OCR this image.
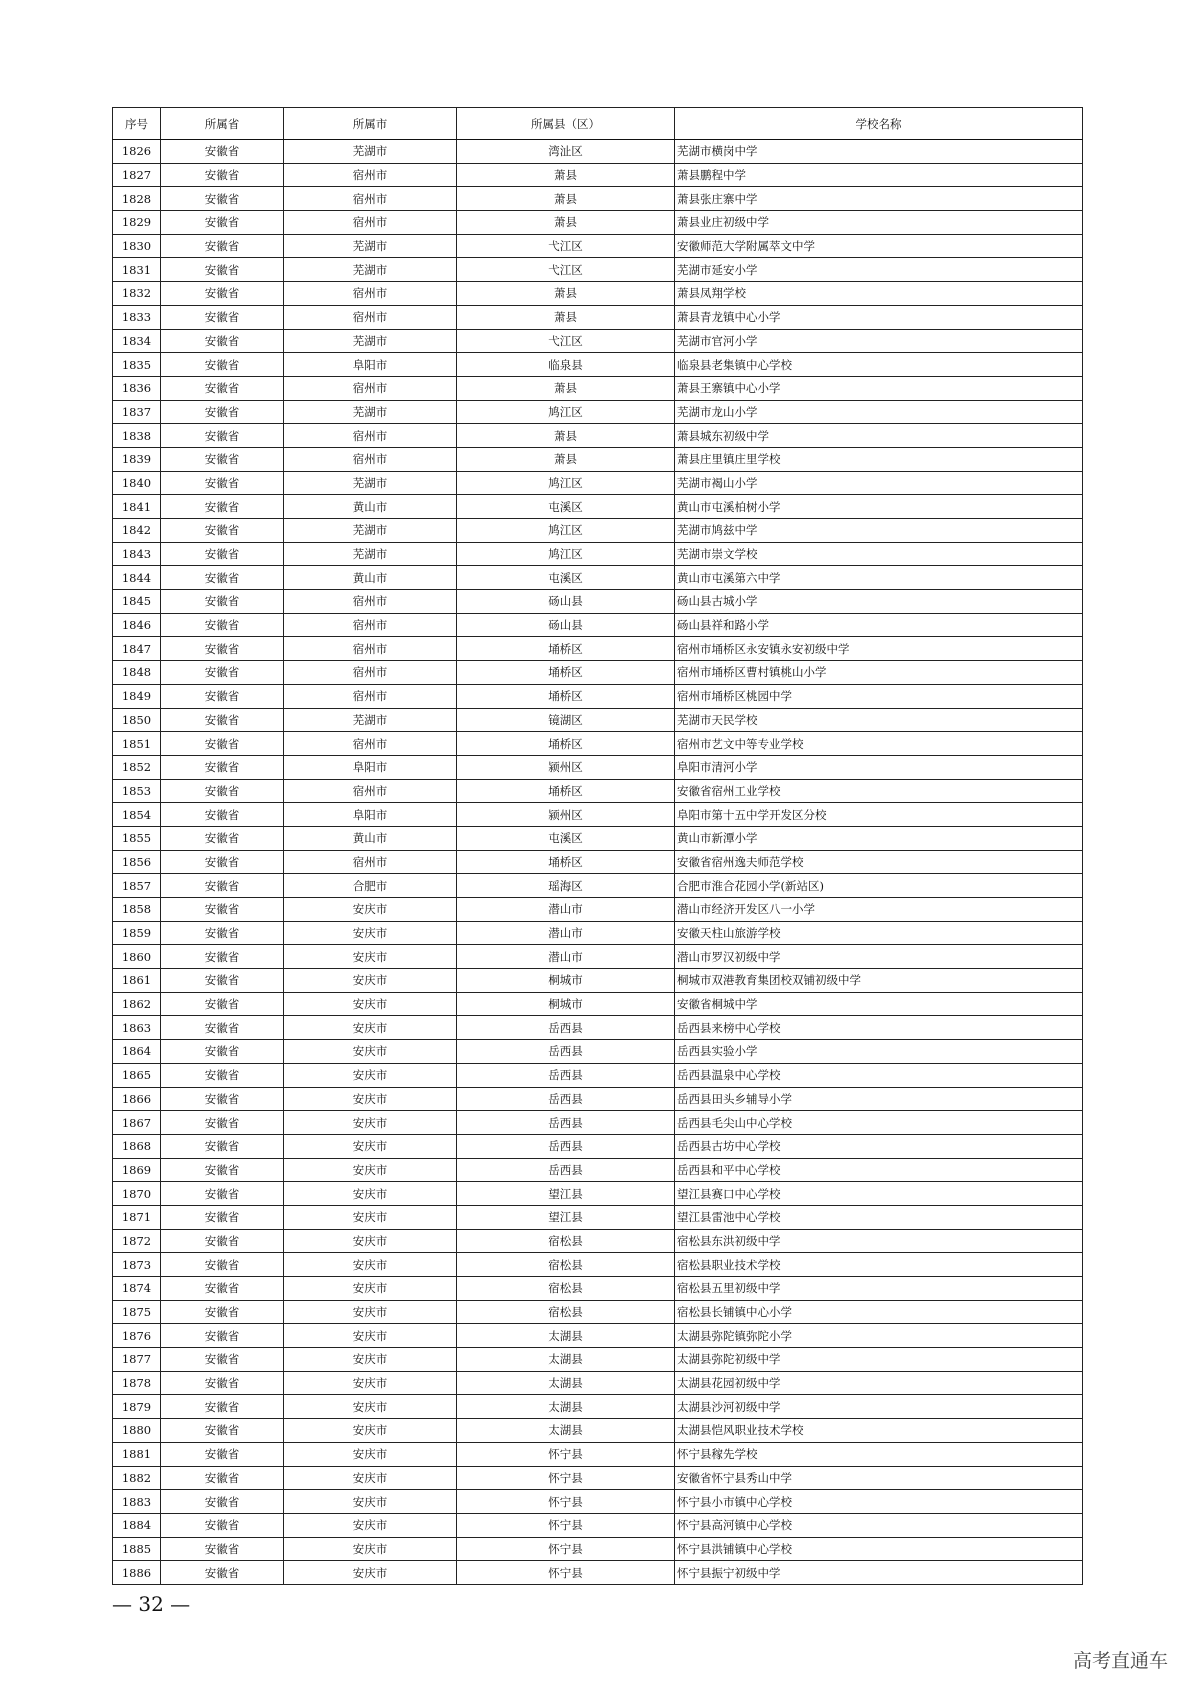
序号	所属省	所属市	所属县（区）	学校名称
1826	安徽省	芜湖市	湾沚区	芜湖市横岗中学
1827	安徽省	宿州市	萧县	萧县鹏程中学
1828	安徽省	宿州市	萧县	萧县张庄寨中学
1829	安徽省	宿州市	萧县	萧县业庄初级中学
1830	安徽省	芜湖市	弋江区	安徽师范大学附属萃文中学
1831	安徽省	芜湖市	弋江区	芜湖市延安小学
1832	安徽省	宿州市	萧县	萧县凤翔学校
1833	安徽省	宿州市	萧县	萧县青龙镇中心小学
1834	安徽省	芜湖市	弋江区	芜湖市官河小学
1835	安徽省	阜阳市	临泉县	临泉县老集镇中心学校
1836	安徽省	宿州市	萧县	萧县王寨镇中心小学
1837	安徽省	芜湖市	鸠江区	芜湖市龙山小学
1838	安徽省	宿州市	萧县	萧县城东初级中学
1839	安徽省	宿州市	萧县	萧县庄里镇庄里学校
1840	安徽省	芜湖市	鸠江区	芜湖市褐山小学
1841	安徽省	黄山市	屯溪区	黄山市屯溪柏树小学
1842	安徽省	芜湖市	鸠江区	芜湖市鸠兹中学
1843	安徽省	芜湖市	鸠江区	芜湖市崇文学校
1844	安徽省	黄山市	屯溪区	黄山市屯溪第六中学
1845	安徽省	宿州市	砀山县	砀山县古城小学
1846	安徽省	宿州市	砀山县	砀山县祥和路小学
1847	安徽省	宿州市	埇桥区	宿州市埇桥区永安镇永安初级中学
1848	安徽省	宿州市	埇桥区	宿州市埇桥区曹村镇桃山小学
1849	安徽省	宿州市	埇桥区	宿州市埇桥区桃园中学
1850	安徽省	芜湖市	镜湖区	芜湖市天民学校
1851	安徽省	宿州市	埇桥区	宿州市艺文中等专业学校
1852	安徽省	阜阳市	颍州区	阜阳市清河小学
1853	安徽省	宿州市	埇桥区	安徽省宿州工业学校
1854	安徽省	阜阳市	颍州区	阜阳市第十五中学开发区分校
1855	安徽省	黄山市	屯溪区	黄山市新潭小学
1856	安徽省	宿州市	埇桥区	安徽省宿州逸夫师范学校
1857	安徽省	合肥市	瑶海区	合肥市淮合花园小学(新站区)
1858	安徽省	安庆市	潜山市	潜山市经济开发区八一小学
1859	安徽省	安庆市	潜山市	安徽天柱山旅游学校
1860	安徽省	安庆市	潜山市	潜山市罗汉初级中学
1861	安徽省	安庆市	桐城市	桐城市双港教育集团校双铺初级中学
1862	安徽省	安庆市	桐城市	安徽省桐城中学
1863	安徽省	安庆市	岳西县	岳西县来榜中心学校
1864	安徽省	安庆市	岳西县	岳西县实验小学
1865	安徽省	安庆市	岳西县	岳西县温泉中心学校
1866	安徽省	安庆市	岳西县	岳西县田头乡辅导小学
1867	安徽省	安庆市	岳西县	岳西县毛尖山中心学校
1868	安徽省	安庆市	岳西县	岳西县古坊中心学校
1869	安徽省	安庆市	岳西县	岳西县和平中心学校
1870	安徽省	安庆市	望江县	望江县赛口中心学校
1871	安徽省	安庆市	望江县	望江县雷池中心学校
1872	安徽省	安庆市	宿松县	宿松县东洪初级中学
1873	安徽省	安庆市	宿松县	宿松县职业技术学校
1874	安徽省	安庆市	宿松县	宿松县五里初级中学
1875	安徽省	安庆市	宿松县	宿松县长铺镇中心小学
1876	安徽省	安庆市	太湖县	太湖县弥陀镇弥陀小学
1877	安徽省	安庆市	太湖县	太湖县弥陀初级中学
1878	安徽省	安庆市	太湖县	太湖县花园初级中学
1879	安徽省	安庆市	太湖县	太湖县沙河初级中学
1880	安徽省	安庆市	太湖县	太湖县恺风职业技术学校
1881	安徽省	安庆市	怀宁县	怀宁县稼先学校
1882	安徽省	安庆市	怀宁县	安徽省怀宁县秀山中学
1883	安徽省	安庆市	怀宁县	怀宁县小市镇中心学校
1884	安徽省	安庆市	怀宁县	怀宁县高河镇中心学校
1885	安徽省	安庆市	怀宁县	怀宁县洪铺镇中心学校
1886	安徽省	安庆市	怀宁县	怀宁县振宁初级中学
— 32 —
高考直通车
